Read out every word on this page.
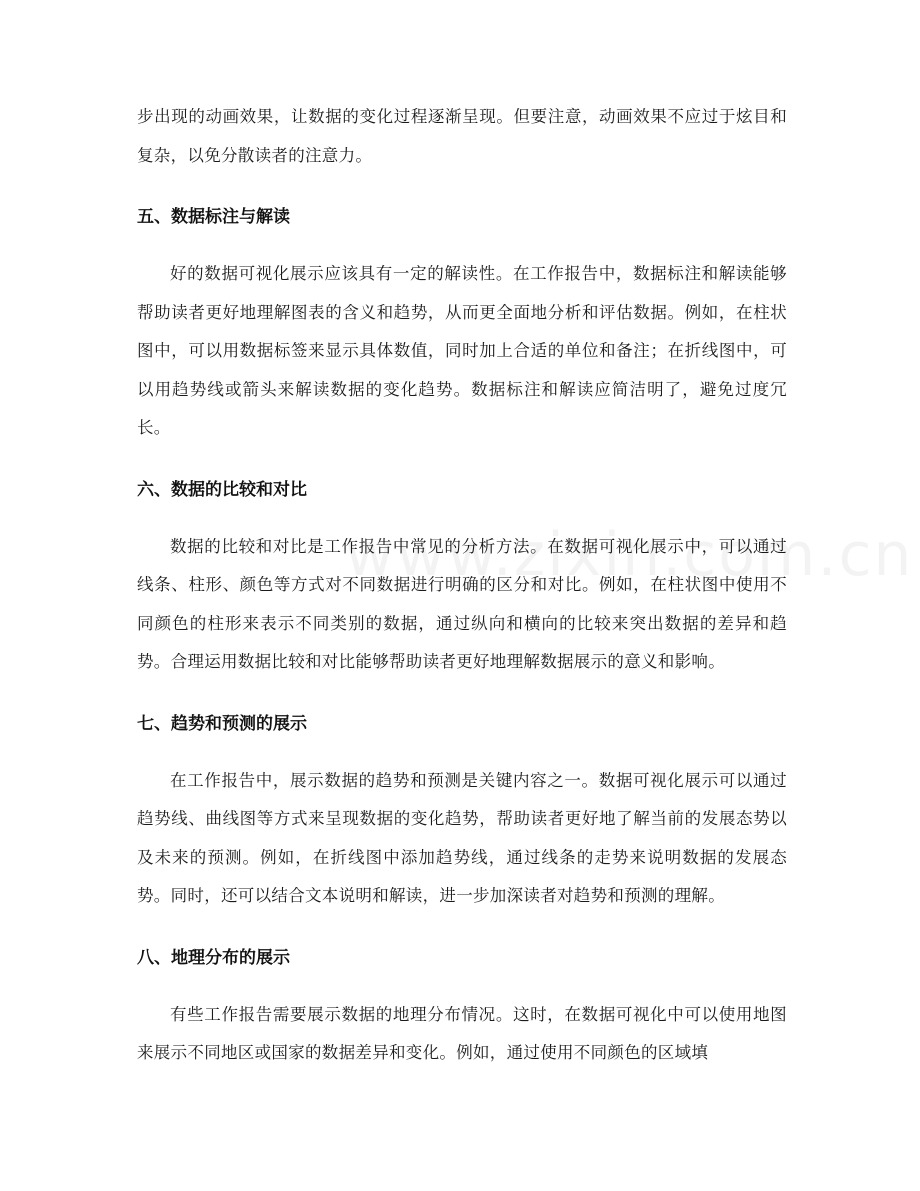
步出现的动画效果，让数据的变化过程逐渐呈现。但要注意，动画效果不应过于炫目和复杂，以免分散读者的注意力。

五、数据标注与解读

好的数据可视化展示应该具有一定的解读性。在工作报告中，数据标注和解读能够帮助读者更好地理解图表的含义和趋势，从而更全面地分析和评估数据。例如，在柱状图中，可以用数据标签来显示具体数值，同时加上合适的单位和备注；在折线图中，可以用趋势线或箭头来解读数据的变化趋势。数据标注和解读应简洁明了，避免过度冗长。

六、数据的比较和对比

数据的比较和对比是工作报告中常见的分析方法。在数据可视化展示中，可以通过线条、柱形、颜色等方式对不同数据进行明确的区分和对比。例如，在柱状图中使用不同颜色的柱形来表示不同类别的数据，通过纵向和横向的比较来突出数据的差异和趋势。合理运用数据比较和对比能够帮助读者更好地理解数据展示的意义和影响。

七、趋势和预测的展示

在工作报告中，展示数据的趋势和预测是关键内容之一。数据可视化展示可以通过趋势线、曲线图等方式来呈现数据的变化趋势，帮助读者更好地了解当前的发展态势以及未来的预测。例如，在折线图中添加趋势线，通过线条的走势来说明数据的发展态势。同时，还可以结合文本说明和解读，进一步加深读者对趋势和预测的理解。

八、地理分布的展示

有些工作报告需要展示数据的地理分布情况。这时，在数据可视化中可以使用地图来展示不同地区或国家的数据差异和变化。例如，通过使用不同颜色的区域填
